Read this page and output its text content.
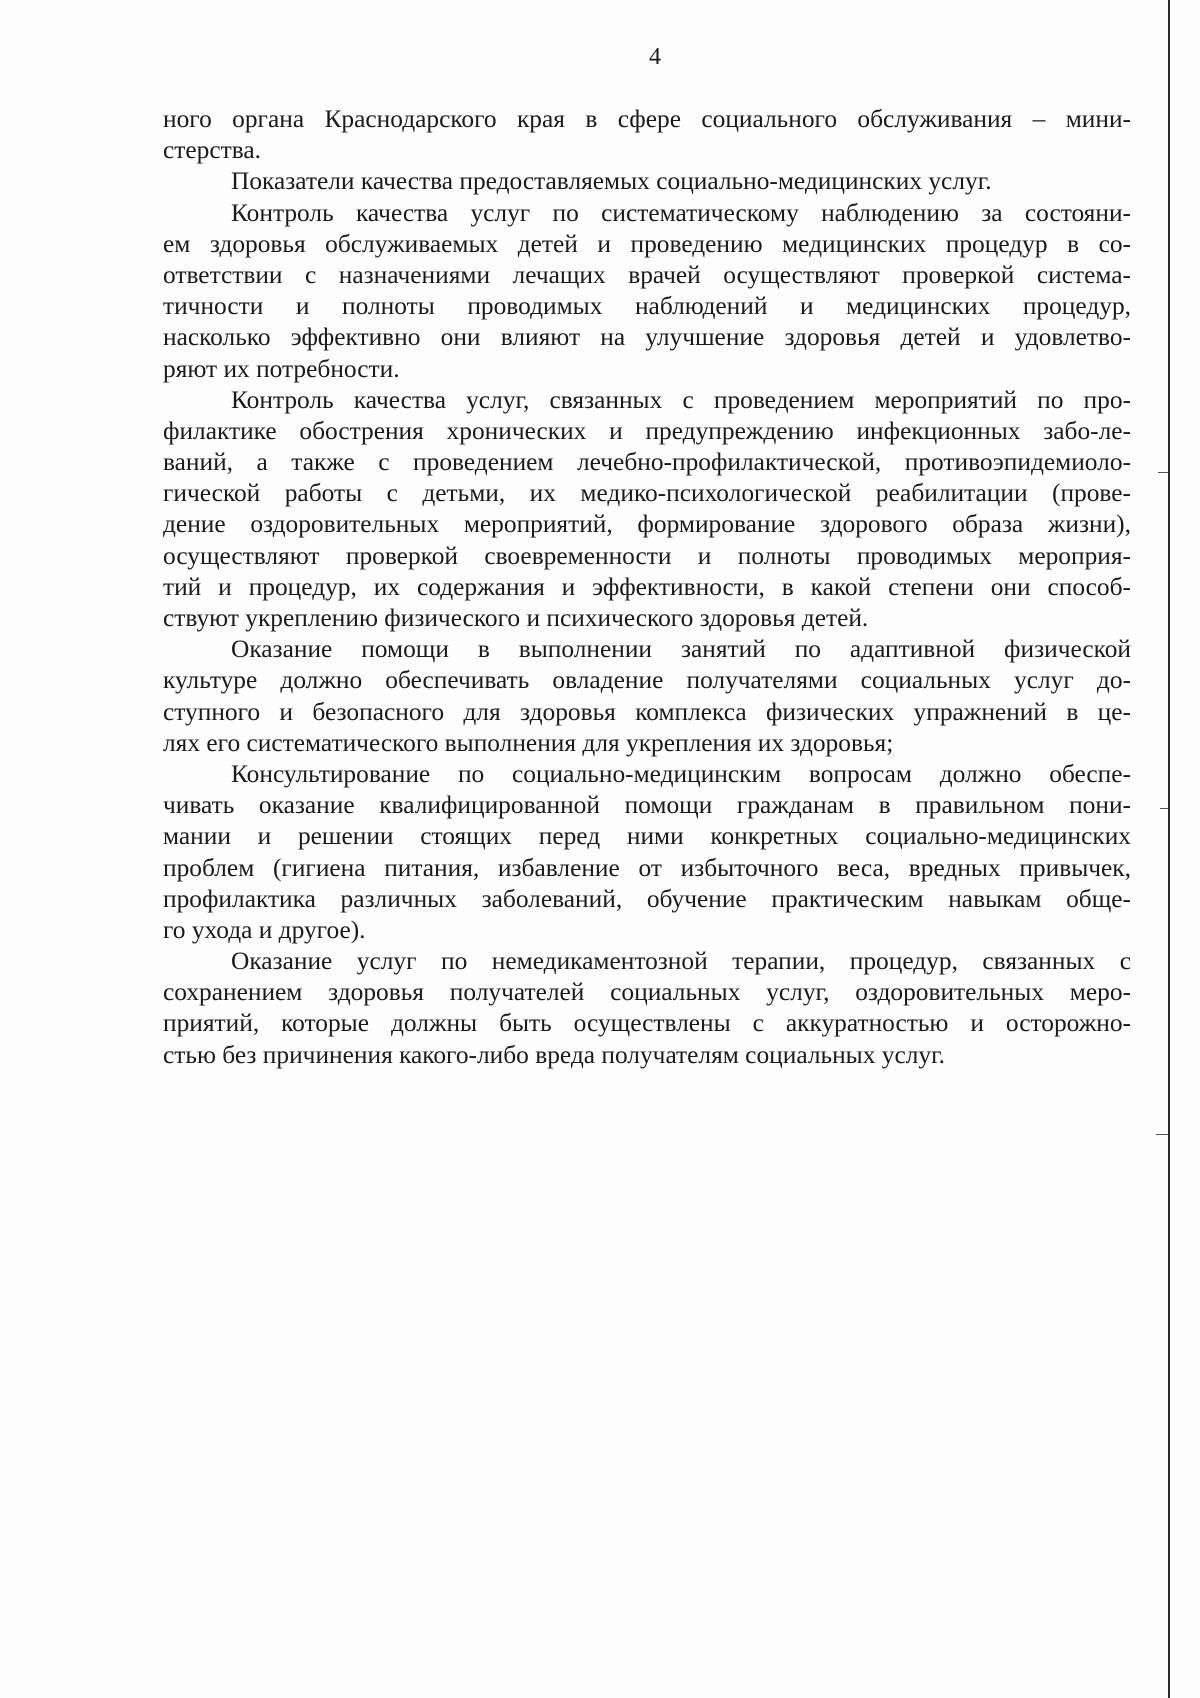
4
ного органа Краснодарского края в сфере социального обслуживания – мини-
стерства.
Показатели качества предоставляемых социально-медицинских услуг.
Контроль качества услуг по систематическому наблюдению за состояни-
ем здоровья обслуживаемых детей и проведению медицинских процедур в со-
ответствии с назначениями лечащих врачей осуществляют проверкой система-
тичности и полноты проводимых наблюдений и медицинских процедур,
насколько эффективно они влияют на улучшение здоровья детей и удовлетво-
ряют их потребности.
Контроль качества услуг, связанных с проведением мероприятий по про-
филактике обострения хронических и предупреждению инфекционных забо-ле-
ваний, а также с проведением лечебно-профилактической, противоэпидемиоло-
гической работы с детьми, их медико-психологической реабилитации (прове-
дение оздоровительных мероприятий, формирование здорового образа жизни),
осуществляют проверкой своевременности и полноты проводимых мероприя-
тий и процедур, их содержания и эффективности, в какой степени они способ-
ствуют укреплению физического и психического здоровья детей.
Оказание помощи в выполнении занятий по адаптивной физической
культуре должно обеспечивать овладение получателями социальных услуг до-
ступного и безопасного для здоровья комплекса физических упражнений в це-
лях его систематического выполнения для укрепления их здоровья;
Консультирование по социально-медицинским вопросам должно обеспе-
чивать оказание квалифицированной помощи гражданам в правильном пони-
мании и решении стоящих перед ними конкретных социально-медицинских
проблем (гигиена питания, избавление от избыточного веса, вредных привычек,
профилактика различных заболеваний, обучение практическим навыкам обще-
го ухода и другое).
Оказание услуг по немедикаментозной терапии, процедур, связанных с
сохранением здоровья получателей социальных услуг, оздоровительных меро-
приятий, которые должны быть осуществлены с аккуратностью и осторожно-
стью без причинения какого-либо вреда получателям социальных услуг.
